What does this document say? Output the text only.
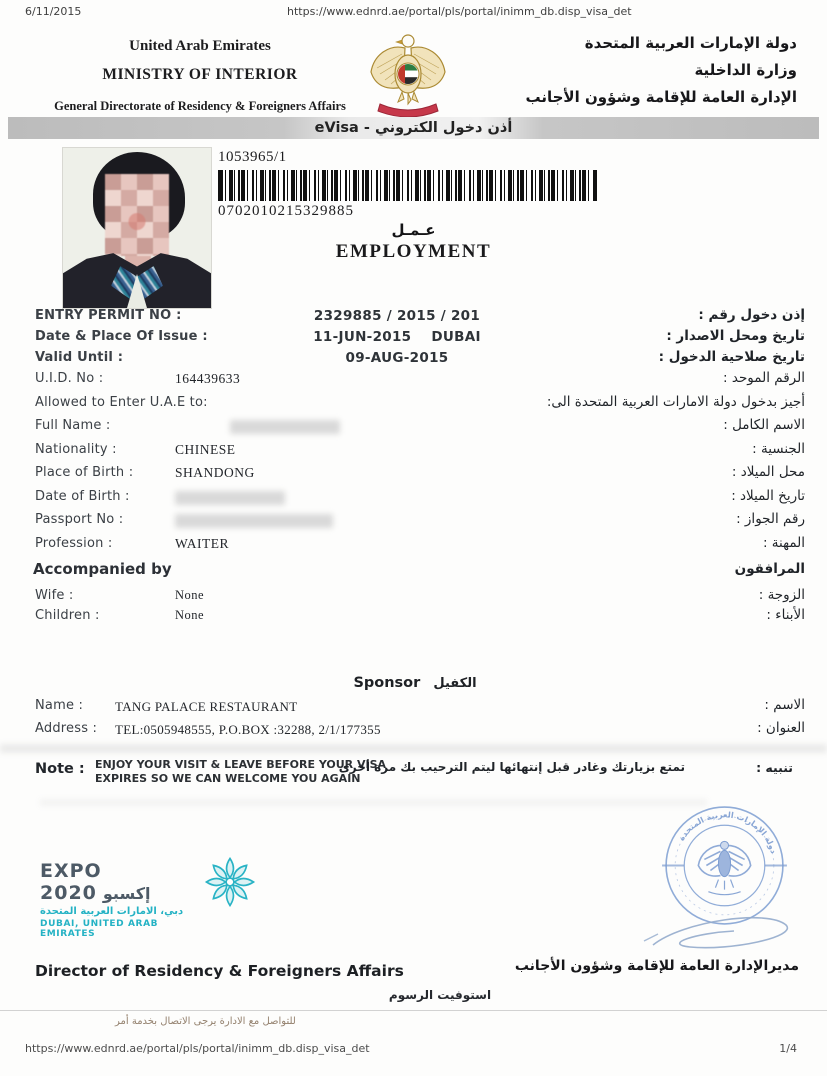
6/11/2015	https://www.ednrd.ae/portal/pls/portal/inimm_db.disp_visa_det
United Arab Emirates
MINISTRY OF INTERIOR
General Directorate of Residency & Foreigners Affairs
دولة الإمارات العربية المتحدة
وزارة الداخلية
الإدارة العامة للإقامة وشؤون الأجانب
eVisa - أذن دخول الكتروني
1053965/1
0702010215329885
عـمـل
EMPLOYMENT
ENTRY PERMIT NO :	2329885 / 2015 / 201	إذن دخول رقم :
Date & Place Of Issue :	11-JUN-2015    DUBAI	تاريخ ومحل الاصدار :
Valid Until :	09-AUG-2015	تاريخ صلاحية الدخول :
U.I.D. No :	164439633	الرقم الموحد :
Allowed to Enter U.A.E to:	أجيز بدخول دولة الامارات العربية المتحدة الى:
Full Name :	الاسم الكامل :
Nationality :	CHINESE	الجنسية :
Place of Birth :	SHANDONG	محل الميلاد :
Date of Birth :	تاريخ الميلاد :
Passport No :	رقم الجواز :
Profession :	WAITER	المهنة :
Accompanied by	المرافقون
Wife :	None	الزوجة :
Children :	None	الأبناء :
Sponsor الكفيل
Name : TANG PALACE RESTAURANT	الاسم :
Address : TEL:0505948555, P.O.BOX :32288, 2/1/177355	العنوان :
Note : ENJOY YOUR VISIT & LEAVE BEFORE YOUR VISA EXPIRES SO WE CAN WELCOME YOU AGAIN
تمتع بزيارتك وغادر قبل إنتهائها ليتم الترحيب بك مرة أخرى	تنبيه :
EXPO 2020 إكسبو
دبي، الامارات العربية المتحدة
DUBAI, UNITED ARAB EMIRATES
دولة الإمارات العربية المتحدة
Director of Residency & Foreigners Affairs	مديرالإدارة العامة للإقامة وشؤون الأجانب
استوفيت الرسوم
للتواصل مع الادارة يرجى الاتصال بخدمة أمر
https://www.ednrd.ae/portal/pls/portal/inimm_db.disp_visa_det	1/4
